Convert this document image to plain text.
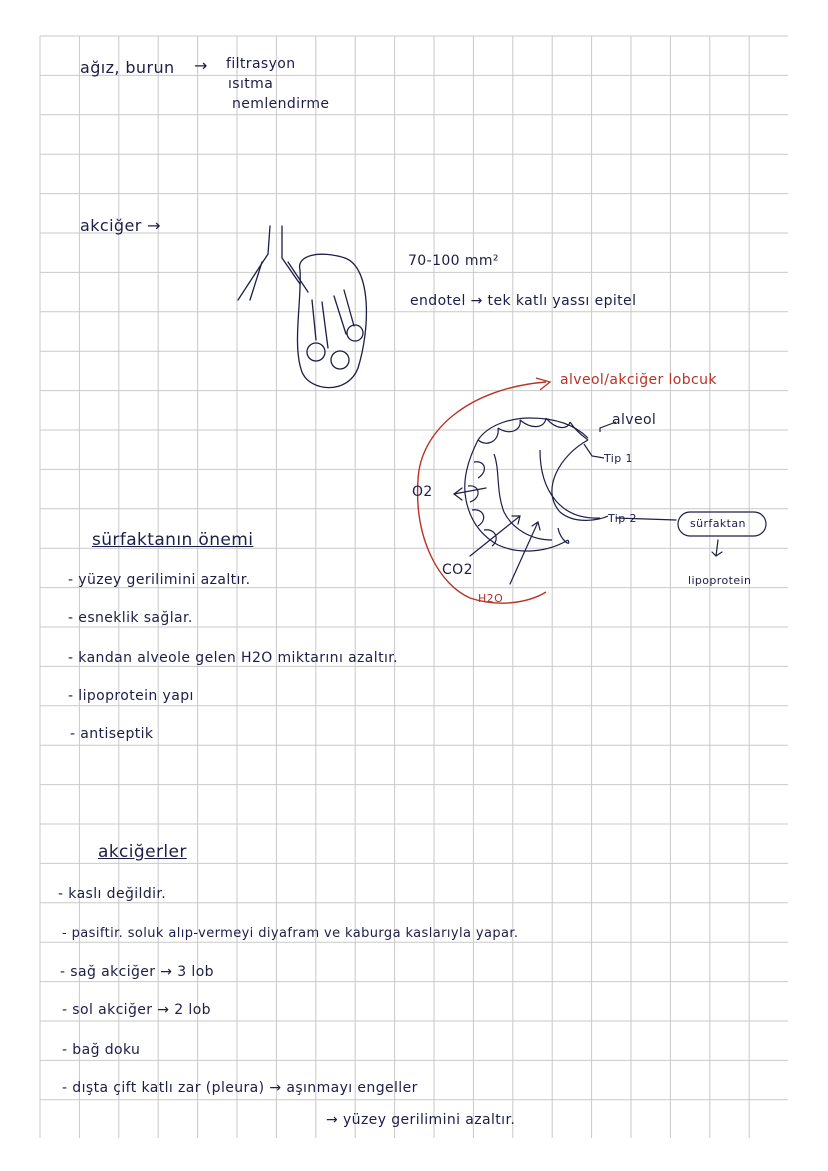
ağız, burun → filtrasyon
ısıtma
nemlendirme
akciğer →
70-100 mm²
endotel → tek katlı yassı epitel
alveol/akciğer lobcuk
alveol
Tip 1
Tip 2	sürfaktan
lipoprotein
O2
CO2
H2O
sürfaktanın önemi
- yüzey gerilimini azaltır.
- esneklik sağlar.
- kandan alveole gelen H2O miktarını azaltır.
- lipoprotein yapı
- antiseptik
akciğerler
- kaslı değildir.
- pasiftir. soluk alıp-vermeyi diyafram ve kaburga kaslarıyla yapar.
- sağ akciğer → 3 lob
- sol akciğer → 2 lob
- bağ doku
- dışta çift katlı zar (pleura) → aşınmayı engeller
→ yüzey gerilimini azaltır.
